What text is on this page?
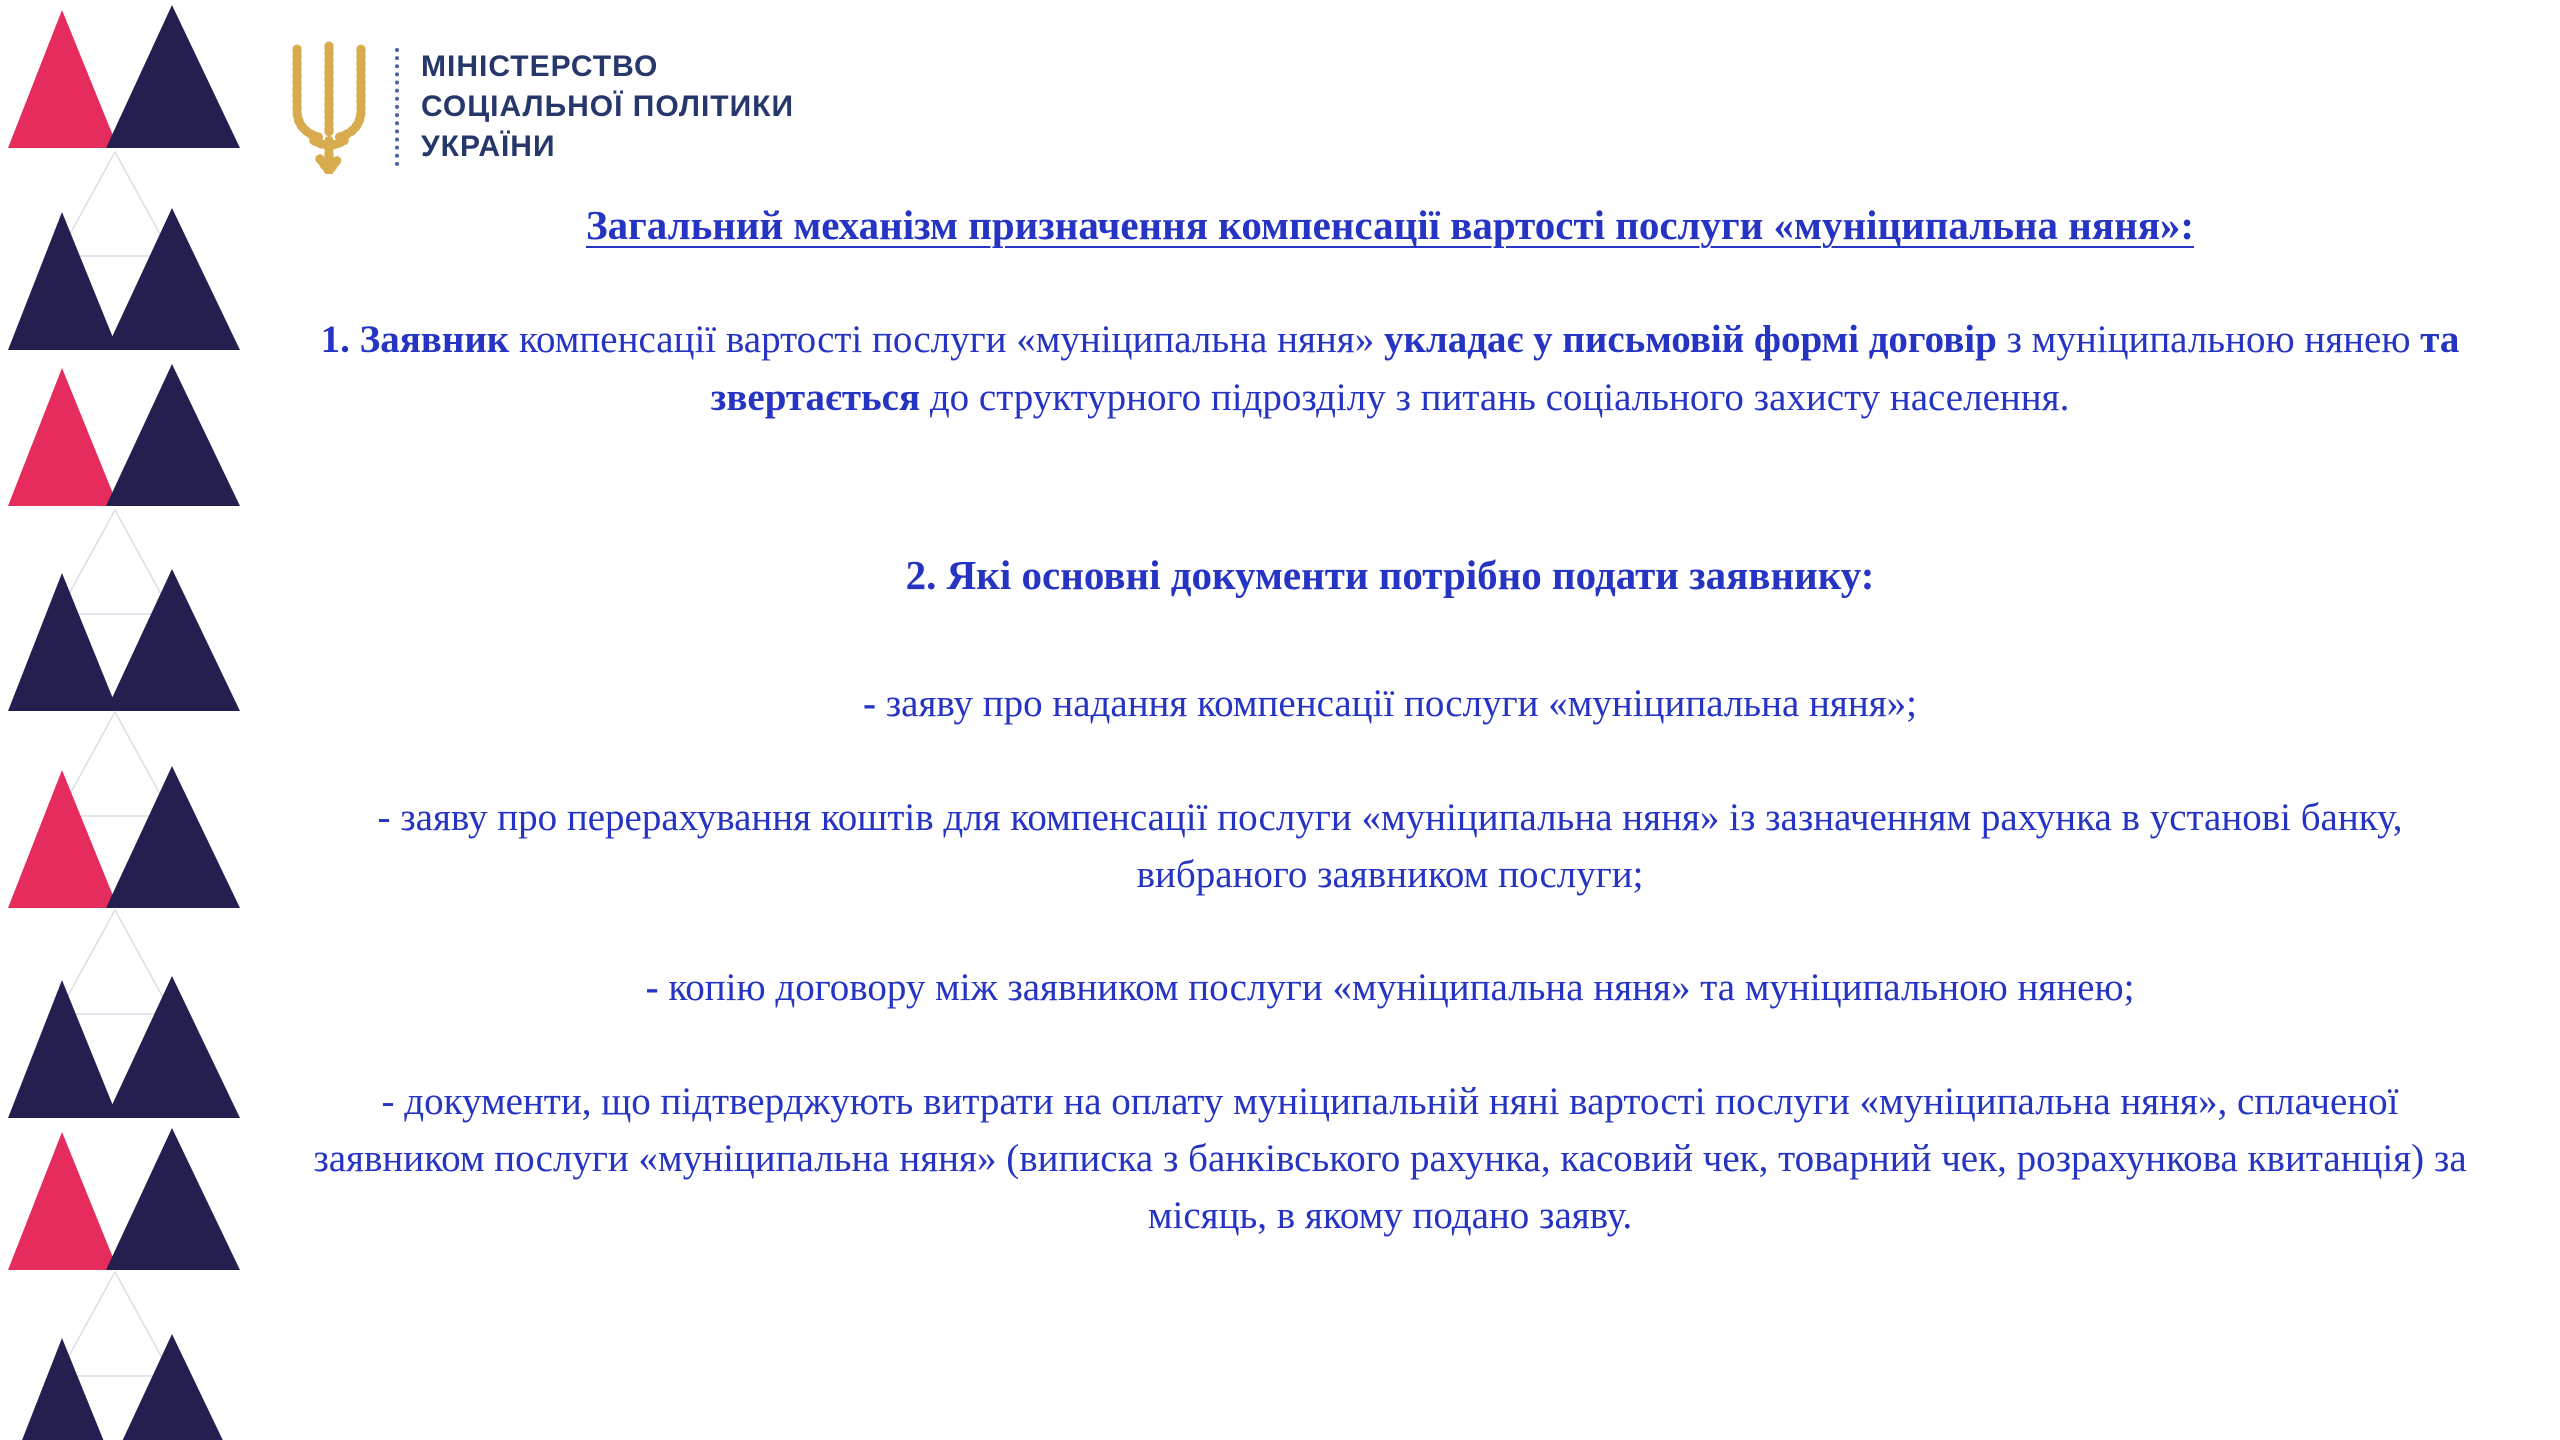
МІНІСТЕРСТВО
СОЦІАЛЬНОЇ ПОЛІТИКИ
УКРАЇНИ
Загальний механізм призначення компенсації вартості послуги «муніципальна няня»:

1. Заявник компенсації вартості послуги «муніципальна няня» укладає у письмовій формі договір з муніципальною нянею та звертається до структурного підрозділу з питань соціального захисту населення.

2. Які основні документи потрібно подати заявнику:

- заяву про надання компенсації послуги «муніципальна няня»;

- заяву про перерахування коштів для компенсації послуги «муніципальна няня» із зазначенням рахунка в установі банку, вибраного заявником послуги;

- копію договору між заявником послуги «муніципальна няня» та муніципальною нянею;

- документи, що підтверджують витрати на оплату муніципальній няні вартості послуги «муніципальна няня», сплаченої заявником послуги «муніципальна няня» (виписка з банківського рахунка, касовий чек, товарний чек, розрахункова квитанція) за місяць, в якому подано заяву.
